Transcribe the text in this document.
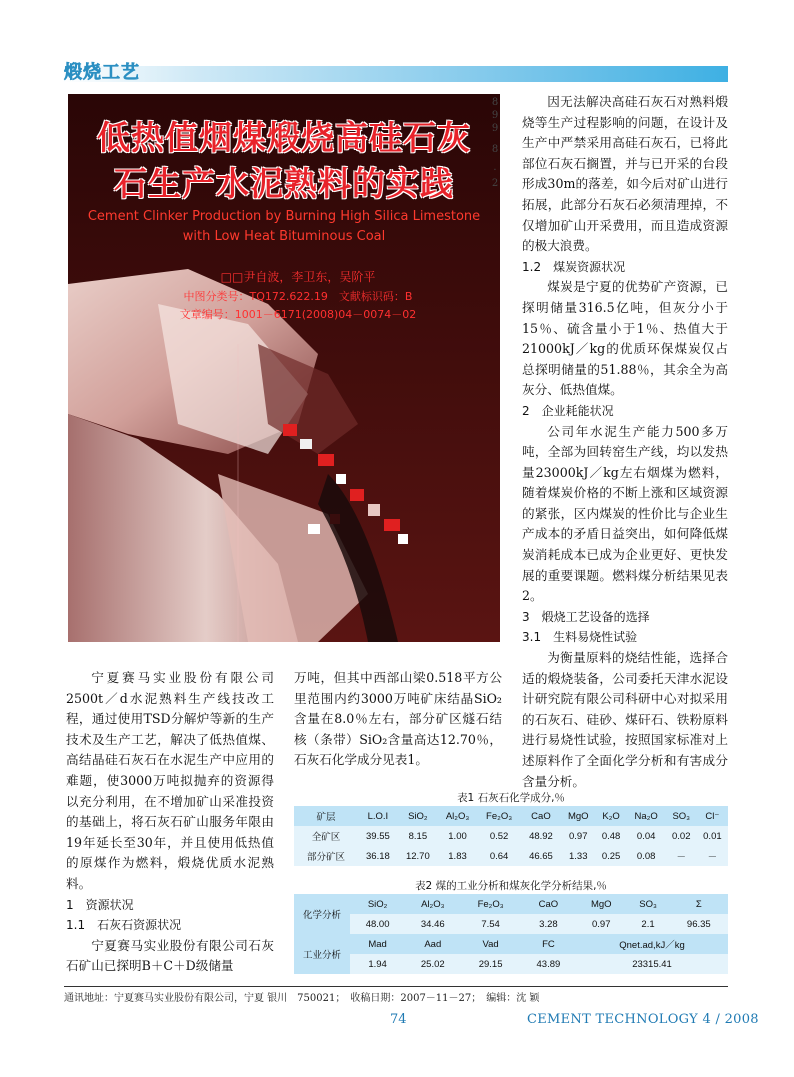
煅烧工艺
低热值烟煤煅烧高硅石灰
石生产水泥熟料的实践
Cement Clinker Production by Burning High Silica Limestone
with Low Heat Bituminous Coal
□□尹自波，李卫东，吴阶平
中图分类号：TQ172.622.19　文献标识码：B
文章编号：1001－6171(2008)04－0074－02
8
9
9
8
·
2

宁夏赛马实业股份有限公司2500t／d水泥熟料生产线技改工程，通过使用TSD分解炉等新的生产技术及生产工艺，解决了低热值煤、高结晶硅石灰石在水泥生产中应用的难题，使3000万吨拟抛弃的资源得以充分利用，在不增加矿山采准投资的基础上，将石灰石矿山服务年限由19年延长至30年，并且使用低热值的原煤作为燃料，煅烧优质水泥熟料。

1　资源状况

1.1　石灰石资源状况

宁夏赛马实业股份有限公司石灰石矿山已探明B＋C＋D级储量

万吨，但其中西部山梁0.518平方公里范围内约3000万吨矿床结晶SiO₂含量在8.0％左右，部分矿区燧石结核（条带）SiO₂含量高达12.70％，石灰石化学成分见表1。

因无法解决高硅石灰石对熟料煅烧等生产过程影响的问题，在设计及生产中严禁采用高硅石灰石，已将此部位石灰石搁置，并与已开采的台段形成30m的落差，如今后对矿山进行拓展，此部分石灰石必须清理掉，不仅增加矿山开采费用，而且造成资源的极大浪费。

1.2　煤炭资源状况

煤炭是宁夏的优势矿产资源，已探明储量316.5亿吨，但灰分小于15％、硫含量小于1％、热值大于21000kJ／kg的优质环保煤炭仅占总探明储量的51.88％，其余全为高灰分、低热值煤。

2　企业耗能状况

公司年水泥生产能力500多万吨，全部为回转窑生产线，均以发热量23000kJ／kg左右烟煤为燃料，随着煤炭价格的不断上涨和区域资源的紧张，区内煤炭的性价比与企业生产成本的矛盾日益突出，如何降低煤炭消耗成本已成为企业更好、更快发展的重要课题。燃料煤分析结果见表2。

3　煅烧工艺设备的选择

3.1　生料易烧性试验

为衡量原料的烧结性能，选择合适的煅烧装备，公司委托天津水泥设计研究院有限公司科研中心对拟采用的石灰石、硅砂、煤矸石、铁粉原料进行易烧性试验，按照国家标准对上述原料作了全面化学分析和有害成分含量分析。

表1 石灰石化学成分,％
矿层	L.O.I	SiO₂	Al₂O₃	Fe₂O₃	CaO	MgO	K₂O	Na₂O	SO₃	Cl⁻
全矿区	39.55	8.15	1.00	0.52	48.92	0.97	0.48	0.04	0.02	0.01
部分矿区	36.18	12.70	1.83	0.64	46.65	1.33	0.25	0.08	－	－
表2 煤的工业分析和煤灰化学分析结果,％
化学分析	SiO₂	Al₂O₃	Fe₂O₃	CaO	MgO	SO₃	Σ
	48.00	34.46	7.54	3.28	0.97	2.1	96.35
工业分析	Mad	Aad	Vad	FC	Qnet.ad,kJ／kg		
	1.94	25.02	29.15	43.89	23315.41		
通讯地址：宁夏赛马实业股份有限公司，宁夏 银川　750021；　收稿日期：2007－11－27；　编辑：沈 颖
74	CEMENT TECHNOLOGY 4 / 2008
